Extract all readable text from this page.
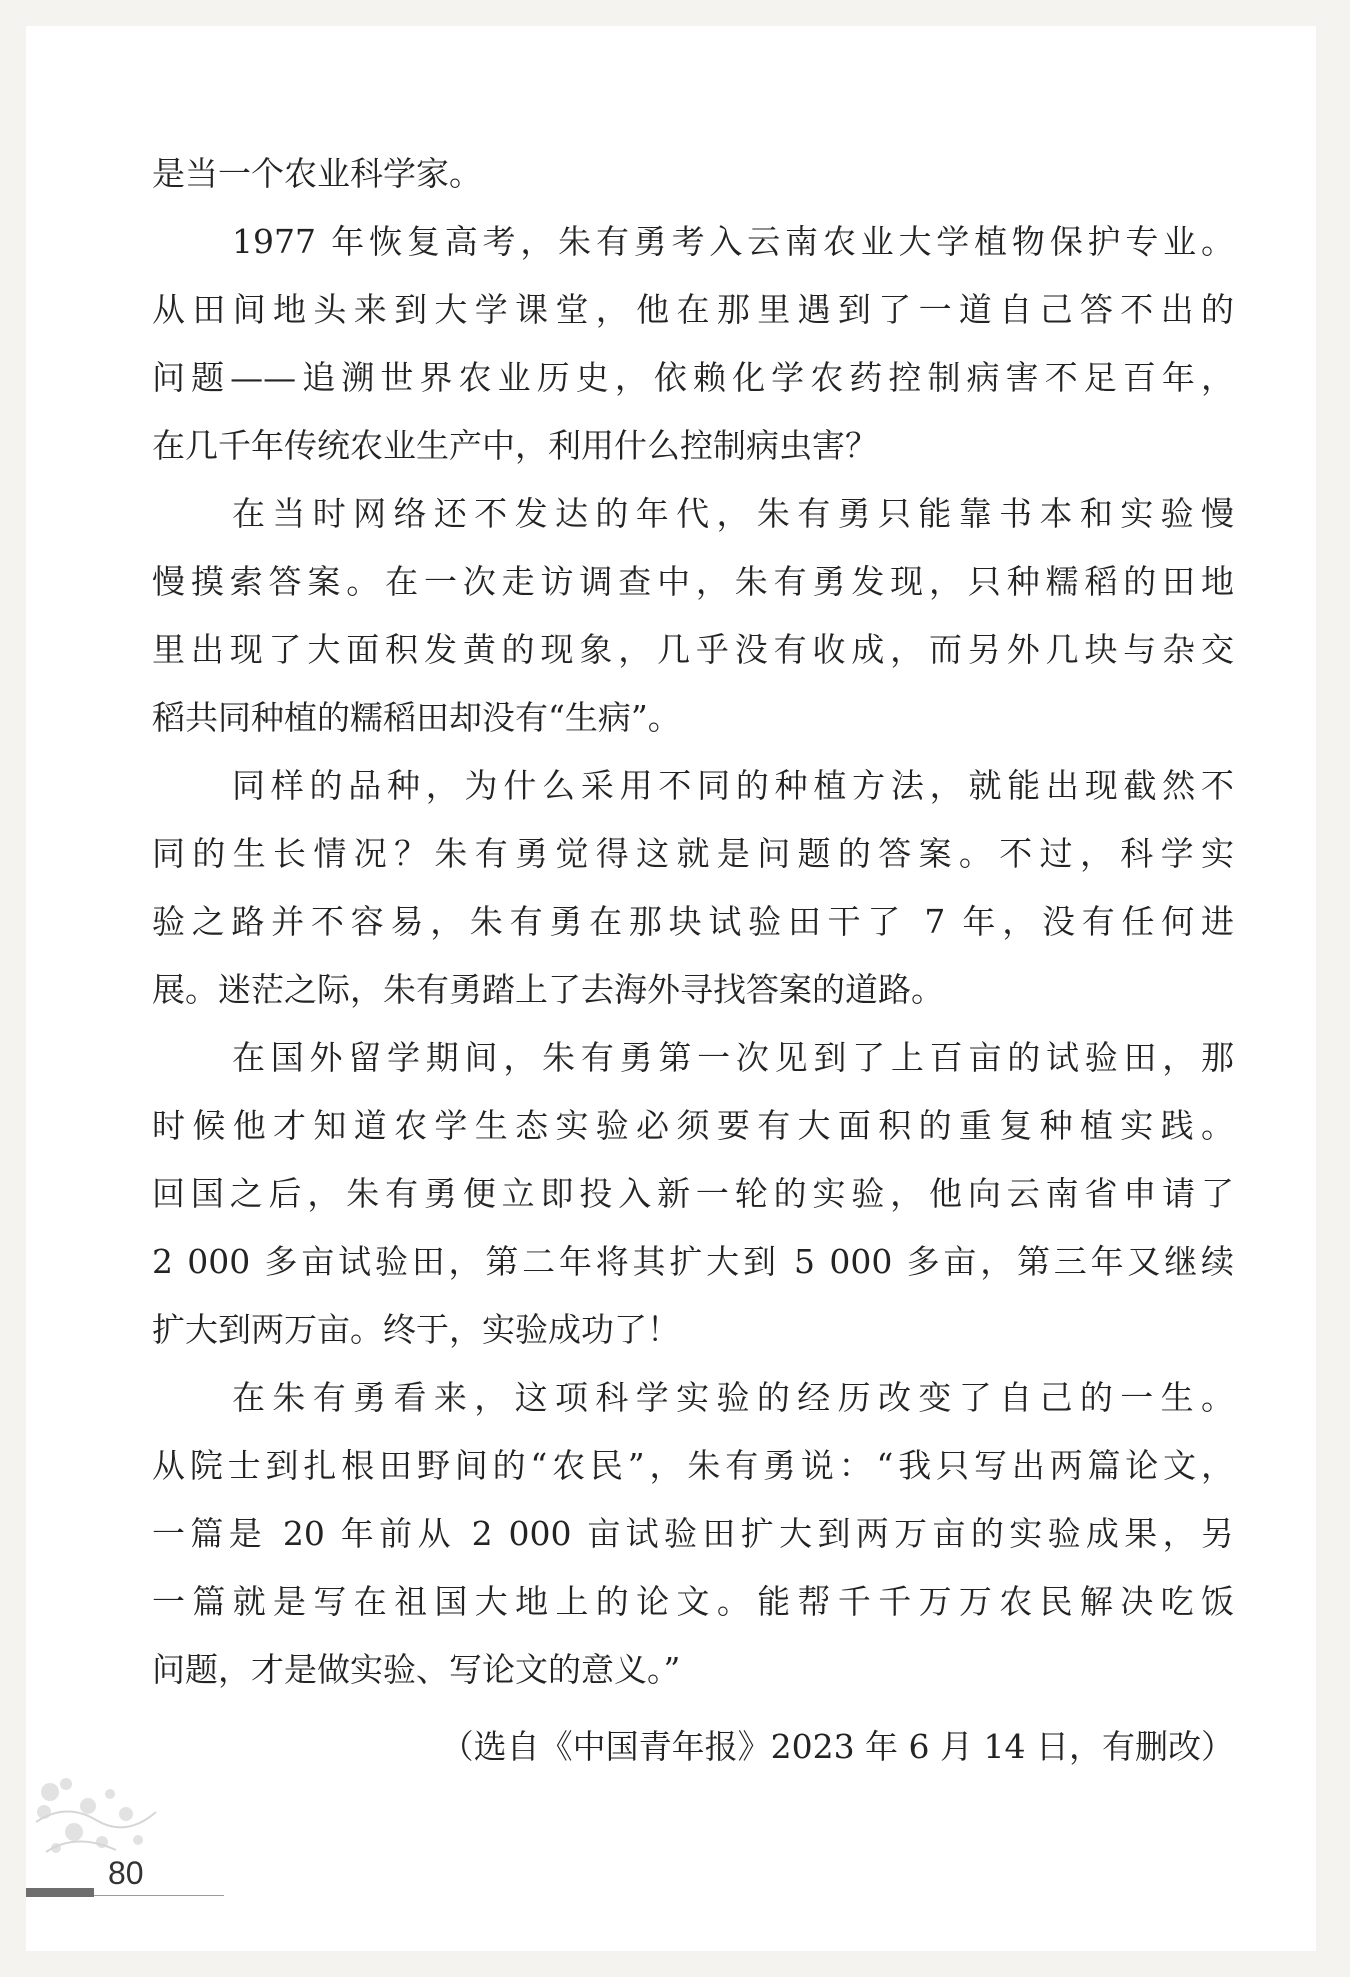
是当一个农业科学家。
1977 年恢复高考，朱有勇考入云南农业大学植物保护专业。
从田间地头来到大学课堂，他在那里遇到了一道自己答不出的
问题——追溯世界农业历史，依赖化学农药控制病害不足百年，
在几千年传统农业生产中，利用什么控制病虫害？
在当时网络还不发达的年代，朱有勇只能靠书本和实验慢
慢摸索答案。在一次走访调查中，朱有勇发现，只种糯稻的田地
里出现了大面积发黄的现象，几乎没有收成，而另外几块与杂交
稻共同种植的糯稻田却没有“生病”。
同样的品种，为什么采用不同的种植方法，就能出现截然不
同的生长情况？朱有勇觉得这就是问题的答案。不过，科学实
验之路并不容易，朱有勇在那块试验田干了 7 年，没有任何进
展。迷茫之际，朱有勇踏上了去海外寻找答案的道路。
在国外留学期间，朱有勇第一次见到了上百亩的试验田，那
时候他才知道农学生态实验必须要有大面积的重复种植实践。
回国之后，朱有勇便立即投入新一轮的实验，他向云南省申请了
2 000 多亩试验田，第二年将其扩大到 5 000 多亩，第三年又继续
扩大到两万亩。终于，实验成功了！
在朱有勇看来，这项科学实验的经历改变了自己的一生。
从院士到扎根田野间的“农民”，朱有勇说：“我只写出两篇论文，
一篇是 20 年前从 2 000 亩试验田扩大到两万亩的实验成果，另
一篇就是写在祖国大地上的论文。能帮千千万万农民解决吃饭
问题，才是做实验、写论文的意义。”
（选自《中国青年报》2023 年 6 月 14 日，有删改）
80
